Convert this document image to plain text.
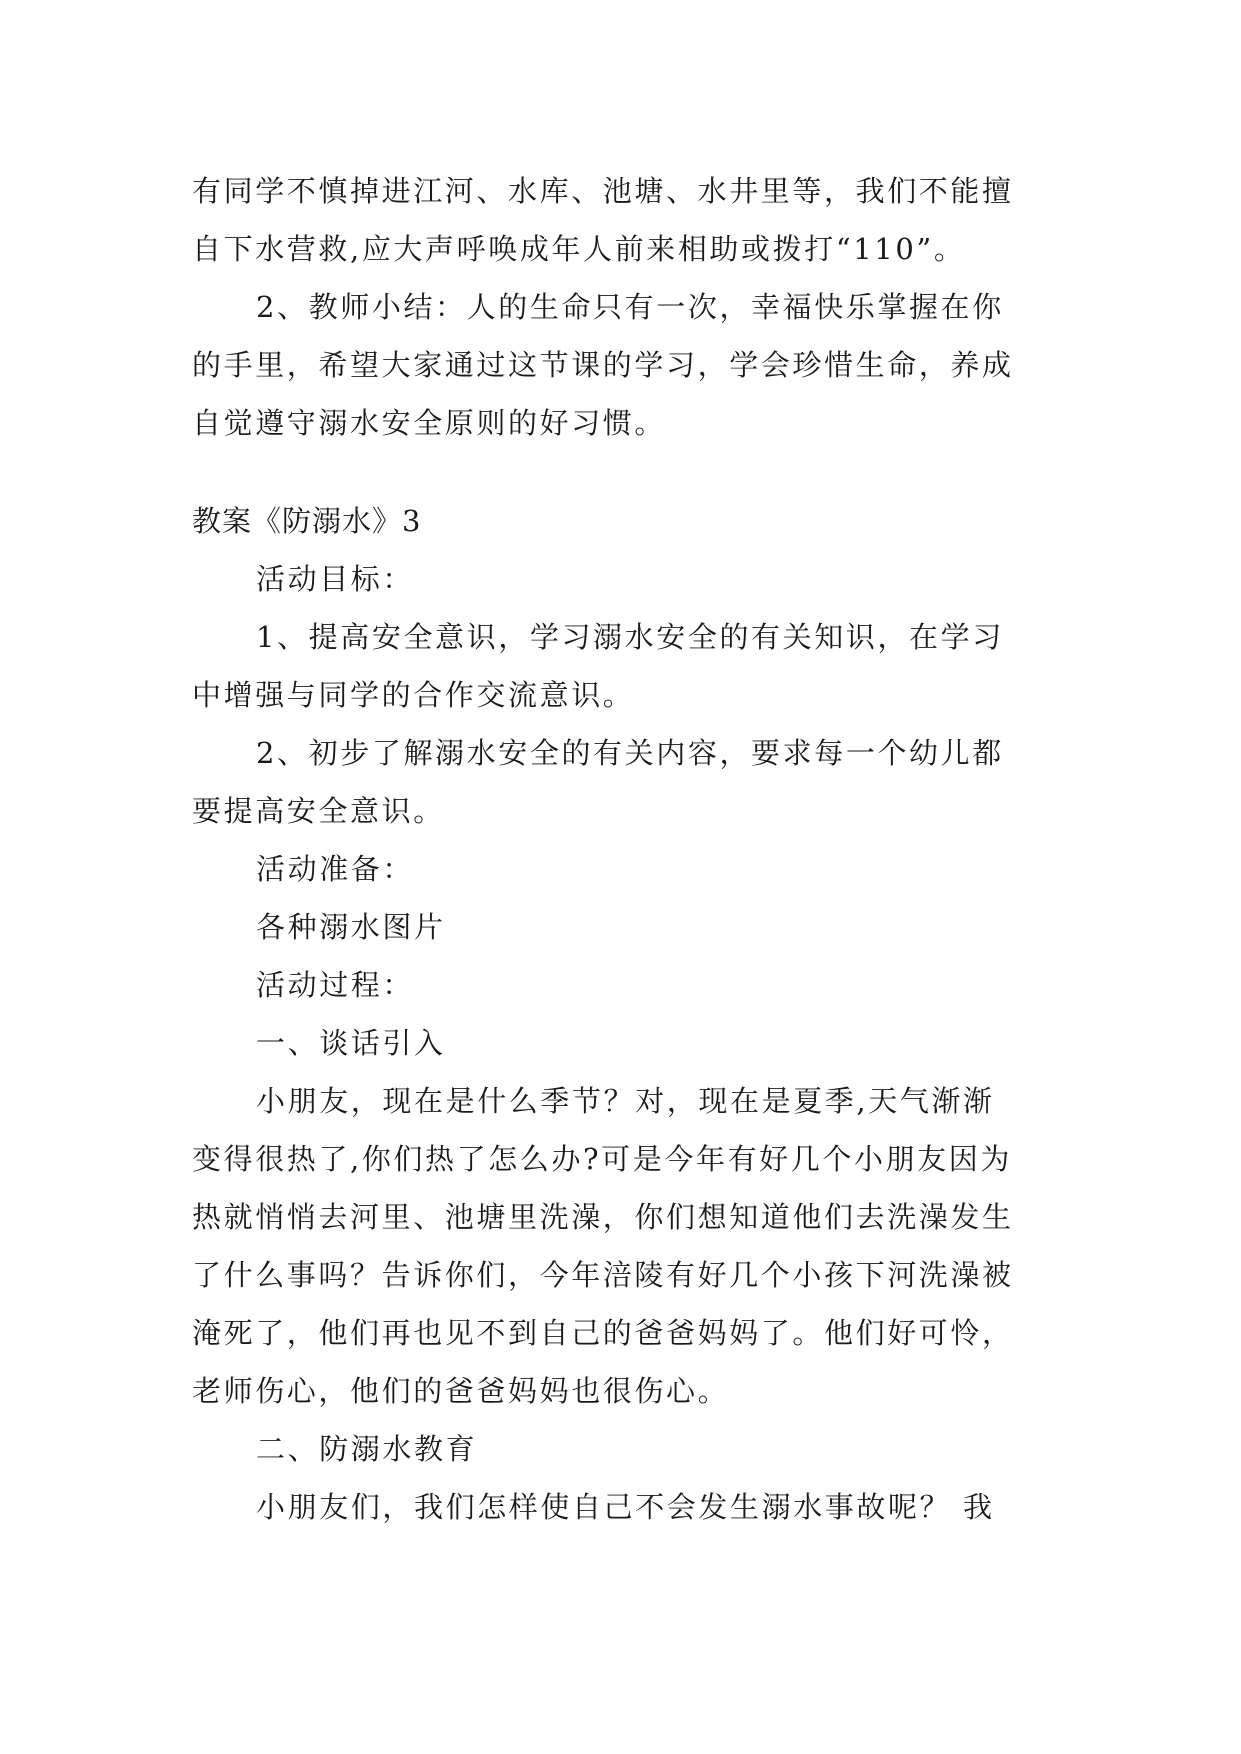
有同学不慎掉进江河、水库、池塘、水井里等，我们不能擅
自下水营救,应大声呼唤成年人前来相助或拨打“110”。
2、教师小结：人的生命只有一次，幸福快乐掌握在你
的手里，希望大家通过这节课的学习，学会珍惜生命，养成
自觉遵守溺水安全原则的好习惯。
教案《防溺水》3
活动目标：
1、提高安全意识，学习溺水安全的有关知识，在学习
中增强与同学的合作交流意识。
2、初步了解溺水安全的有关内容，要求每一个幼儿都
要提高安全意识。
活动准备：
各种溺水图片
活动过程：
一、谈话引入
小朋友，现在是什么季节？对，现在是夏季,天气渐渐
变得很热了,你们热了怎么办?可是今年有好几个小朋友因为
热就悄悄去河里、池塘里洗澡，你们想知道他们去洗澡发生
了什么事吗？告诉你们，今年涪陵有好几个小孩下河洗澡被
淹死了，他们再也见不到自己的爸爸妈妈了。他们好可怜，
老师伤心，他们的爸爸妈妈也很伤心。
二、防溺水教育
小朋友们，我们怎样使自己不会发生溺水事故呢？ 我
